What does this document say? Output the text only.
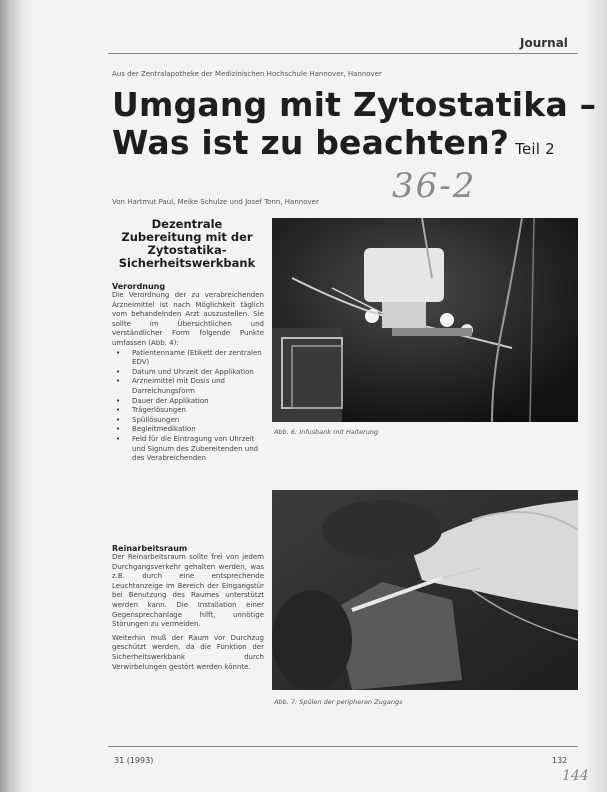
Journal
Aus der Zentralapotheke der Medizinischen Hochschule Hannover, Hannover
Umgang mit Zytostatika –
Was ist zu beachten? Teil 2
Von Hartmut Paul, Meike Schulze und Josef Tonn, Hannover 36-2
Dezentrale Zubereitung mit der Zytostatika-Sicherheitswerkbank
Verordnung
Die Verordnung der zu verabreichenden Arzneimittel ist nach Möglichkeit täglich vom behandelnden Arzt auszustellen. Sie sollte im Übersichtlichen und verständlicher Form folgende Punkte umfassen (Abb. 4):
• Patientenname (Etikett der zentralen EDV)
• Datum und Uhrzeit der Applikation
• Arzneimittel mit Dosis und Darreichungsform
• Dauer der Applikation
• Trägerlösungen
• Spüllösungen
• Begleitmedikation
• Feld für die Eintragung von Uhrzeit und Signum des Zubereitenden und des Verabreichenden
Reinarbeitsraum
Der Reinarbeitsraum sollte frei von jedem Durchgangsverkehr gehalten werden, was z.B. durch eine entsprechende Leuchtanzeige im Bereich der Eingangstür bei Benutzung des Raumes unterstützt werden kann. Die Installation einer Gegensprechanlage hilft, unnötige Störungen zu vermeiden.
Weiterhin muß der Raum vor Durchzug geschützt werden, da die Funktion der Sicherheitswerkbank durch Verwirbelungen gestört werden könnte.
Abb. 6: Infusbank mit Halterung
Abb. 7: Spülen der peripheren Zugangs
31 (1993)	132
144
